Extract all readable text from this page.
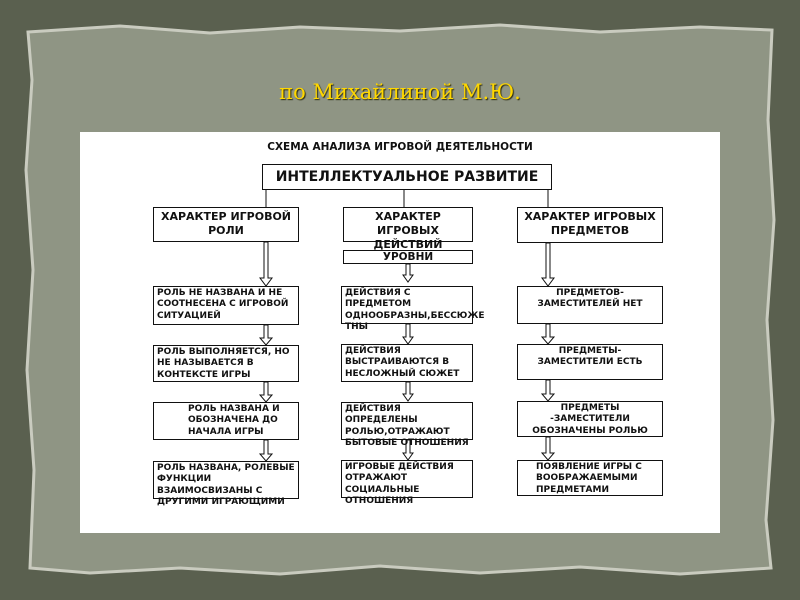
по Михайлиной М.Ю.
СХЕМА АНАЛИЗА ИГРОВОЙ ДЕЯТЕЛЬНОСТИ
ИНТЕЛЛЕКТУАЛЬНОЕ РАЗВИТИЕ
ХАРАКТЕР ИГРОВОЙ РОЛИ
ХАРАКТЕР ИГРОВЫХ ДЕЙСТВИЙ
ХАРАКТЕР ИГРОВЫХ ПРЕДМЕТОВ
УРОВНИ
РОЛЬ НЕ НАЗВАНА И НЕ СООТНЕСЕНА С ИГРОВОЙ СИТУАЦИЕЙ
РОЛЬ ВЫПОЛНЯЕТСЯ, НО НЕ НАЗЫВАЕТСЯ В КОНТЕКСТЕ ИГРЫ
РОЛЬ НАЗВАНА И ОБОЗНАЧЕНА ДО НАЧАЛА ИГРЫ
РОЛЬ НАЗВАНА, РОЛЕВЫЕ ФУНКЦИИ ВЗАИМОСВИЗАНЫ С ДРУГИМИ ИГРАЮЩИМИ
ДЕЙСТВИЯ С ПРЕДМЕТОМ ОДНООБРАЗНЫ,БЕССЮЖЕ ТНЫ
ДЕЙСТВИЯ ВЫСТРАИВАЮТСЯ В НЕСЛОЖНЫЙ СЮЖЕТ
ДЕЙСТВИЯ ОПРЕДЕЛЕНЫ РОЛЬЮ,ОТРАЖАЮТ БЫТОВЫЕ ОТНОШЕНИЯ
ИГРОВЫЕ ДЕЙСТВИЯ ОТРАЖАЮТ СОЦИАЛЬНЫЕ ОТНОШЕНИЯ
ПРЕДМЕТОВ-ЗАМЕСТИТЕЛЕЙ НЕТ
ПРЕДМЕТЫ-ЗАМЕСТИТЕЛИ ЕСТЬ
ПРЕДМЕТЫ -ЗАМЕСТИТЕЛИ ОБОЗНАЧЕНЫ РОЛЬЮ
ПОЯВЛЕНИЕ ИГРЫ С ВООБРАЖАЕМЫМИ ПРЕДМЕТАМИ
